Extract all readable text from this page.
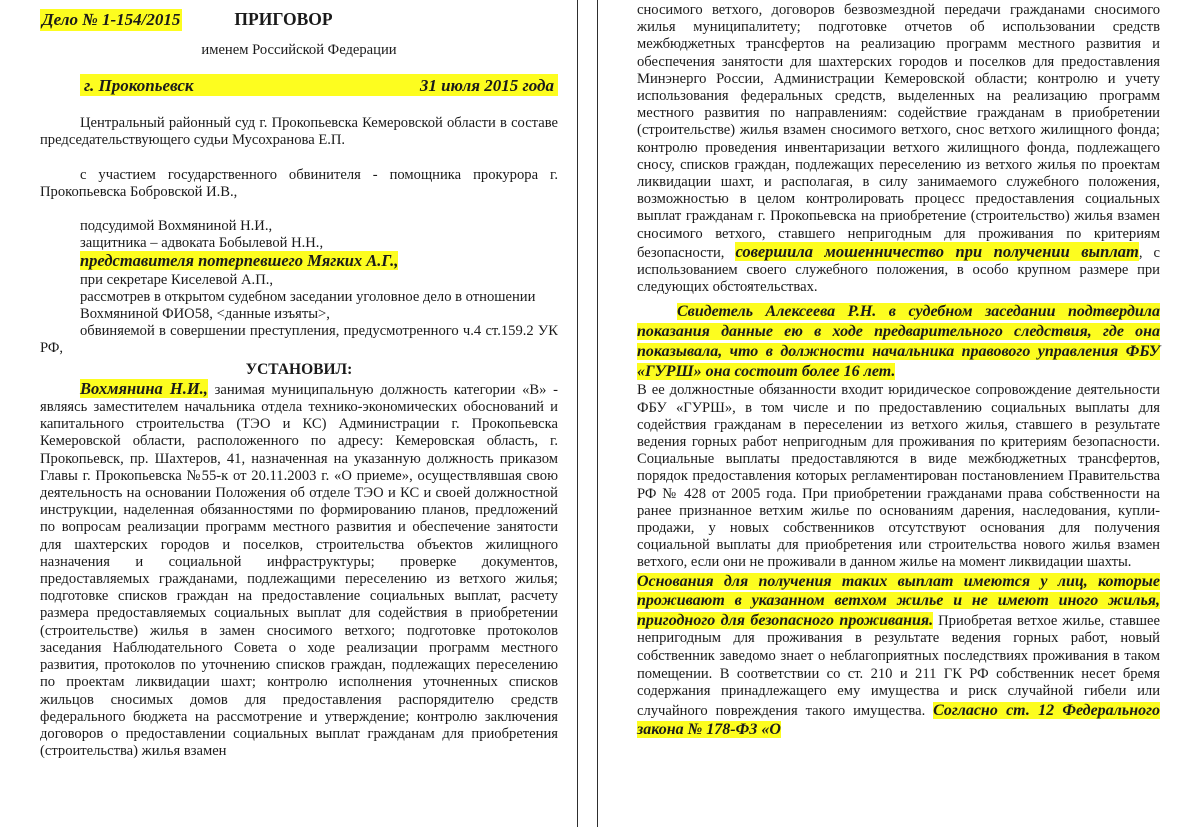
Дело № 1-154/2015	ПРИГОВОР

именем Российской Федерации

г. Прокопьевск	31 июля 2015 года

Центральный районный суд г. Прокопьевска Кемеровской области в составе председательствующего судьи Мусохранова Е.П.

с участием государственного обвинителя - помощника прокурора г. Прокопьевска Бобровской И.В.,

подсудимой Вохмяниной Н.И.,

защитника – адвоката Бобылевой Н.Н.,

представителя потерпевшего Мягких А.Г.,

при секретаре Киселевой А.П.,

рассмотрев в открытом судебном заседании уголовное дело в отношении

Вохмяниной ФИО58, <данные изъяты>,

обвиняемой в совершении преступления, предусмотренного ч.4 ст.159.2 УК РФ,

УСТАНОВИЛ:

Вохмянина Н.И., занимая муниципальную должность категории «В» - являясь заместителем начальника отдела технико-экономических обоснований и капитального строительства (ТЭО и КС) Администрации г. Прокопьевска Кемеровской области, расположенного по адресу: Кемеровская область, г. Прокопьевск, пр. Шахтеров, 41, назначенная на указанную должность приказом Главы г. Прокопьевска №55-к от 20.11.2003 г. «О приеме», осуществлявшая свою деятельность на основании Положения об отделе ТЭО и КС и своей должностной инструкции, наделенная обязанностями по формированию планов, предложений по вопросам реализации программ местного развития и обеспечение занятости для шахтерских городов и поселков, строительства объектов жилищного назначения и социальной инфраструктуры; проверке документов, предоставляемых гражданами, подлежащими переселению из ветхого жилья; подготовке списков граждан на предоставление социальных выплат, расчету размера предоставляемых социальных выплат для содействия в приобретении (строительстве) жилья в замен сносимого ветхого; подготовке протоколов заседания Наблюдательного Совета о ходе реализации программ местного развития, протоколов по уточнению списков граждан, подлежащих переселению по проектам ликвидации шахт; контролю исполнения уточненных списков жильцов сносимых домов для предоставления распорядителю средств федерального бюджета на рассмотрение и утверждение; контролю заключения договоров о предоставлении социальных выплат гражданам для приобретения (строительства) жилья взамен

сносимого ветхого, договоров безвозмездной передачи гражданами сносимого жилья муниципалитету; подготовке отчетов об использовании средств межбюджетных трансфертов на реализацию программ местного развития и обеспечения занятости для шахтерских городов и поселков для предоставления Минэнерго России, Администрации Кемеровской области; контролю и учету использования федеральных средств, выделенных на реализацию программ местного развития по направлениям: содействие гражданам в приобретении (строительстве) жилья взамен сносимого ветхого, снос ветхого жилищного фонда; контролю проведения инвентаризации ветхого жилищного фонда, подлежащего сносу, списков граждан, подлежащих переселению из ветхого жилья по проектам ликвидации шахт, и располагая, в силу занимаемого служебного положения, возможностью в целом контролировать процесс предоставления социальных выплат гражданам г. Прокопьевска на приобретение (строительство) жилья взамен сносимого ветхого, ставшего непригодным для проживания по критериям безопасности, совершила мошенничество при получении выплат, с использованием своего служебного положения, в особо крупном размере при следующих обстоятельствах.

Свидетель Алексеева Р.Н. в судебном заседании подтвердила показания данные ею в ходе предварительного следствия, где она показывала, что в должности начальника правового управления ФБУ «ГУРШ» она состоит более 16 лет.

В ее должностные обязанности входит юридическое сопровождение деятельности ФБУ «ГУРШ», в том числе и по предоставлению социальных выплаты для содействия гражданам в переселении из ветхого жилья, ставшего в результате ведения горных работ непригодным для проживания по критериям безопасности. Социальные выплаты предоставляются в виде межбюджетных трансфертов, порядок предоставления которых регламентирован постановлением Правительства РФ № 428 от 2005 года. При приобретении гражданами права собственности на ранее признанное ветхим жилье по основаниям дарения, наследования, купли-продажи, у новых собственников отсутствуют основания для получения социальной выплаты для приобретения или строительства нового жилья взамен ветхого, если они не проживали в данном жилье на момент ликвидации шахты.

Основания для получения таких выплат имеются у лиц, которые проживают в указанном ветхом жилье и не имеют иного жилья, пригодного для безопасного проживания. Приобретая ветхое жилье, ставшее непригодным для проживания в результате ведения горных работ, новый собственник заведомо знает о неблагоприятных последствиях проживания в таком помещении. В соответствии со ст. 210 и 211 ГК РФ собственник несет бремя содержания принадлежащего ему имущества и риск случайной гибели или случайного повреждения такого имущества. Согласно ст. 12 Федерального закона № 178-ФЗ «О
